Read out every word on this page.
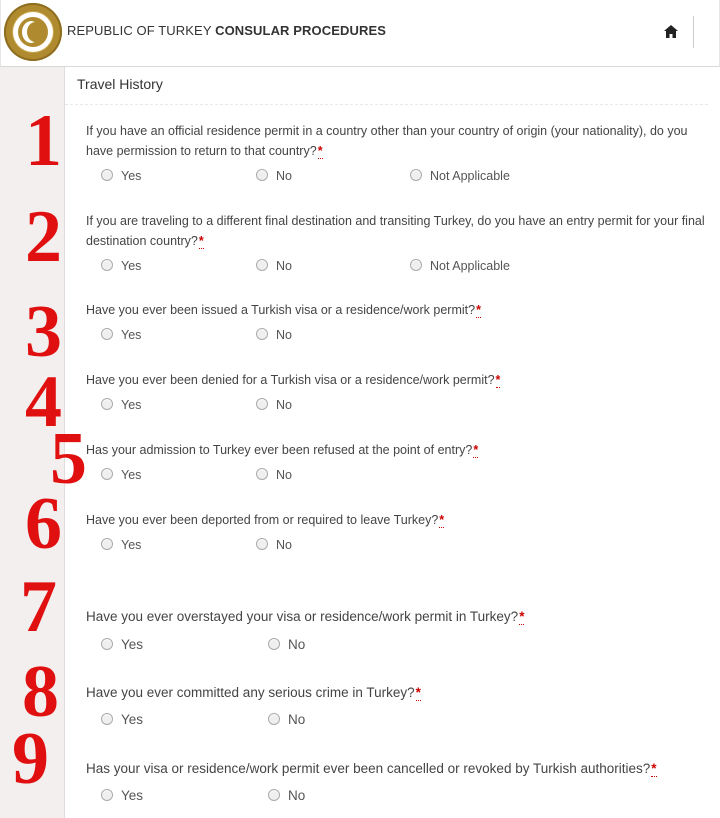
REPUBLIC OF TURKEY CONSULAR PROCEDURES
Travel History
1 If you have an official residence permit in a country other than your country of origin (your nationality), do you have permission to return to that country?*
Yes	No	Not Applicable
2 If you are traveling to a different final destination and transiting Turkey, do you have an entry permit for your final destination country?*
Yes	No	Not Applicable
3 Have you ever been issued a Turkish visa or a residence/work permit?*
Yes	No
4 Have you ever been denied for a Turkish visa or a residence/work permit?*
Yes	No
5 Has your admission to Turkey ever been refused at the point of entry?*
Yes	No
6 Have you ever been deported from or required to leave Turkey?*
Yes	No
7 Have you ever overstayed your visa or residence/work permit in Turkey?*
Yes	No
8 Have you ever committed any serious crime in Turkey?*
Yes	No
9	Has your visa or residence/work permit ever been cancelled or revoked by Turkish authorities?*
Yes	No
